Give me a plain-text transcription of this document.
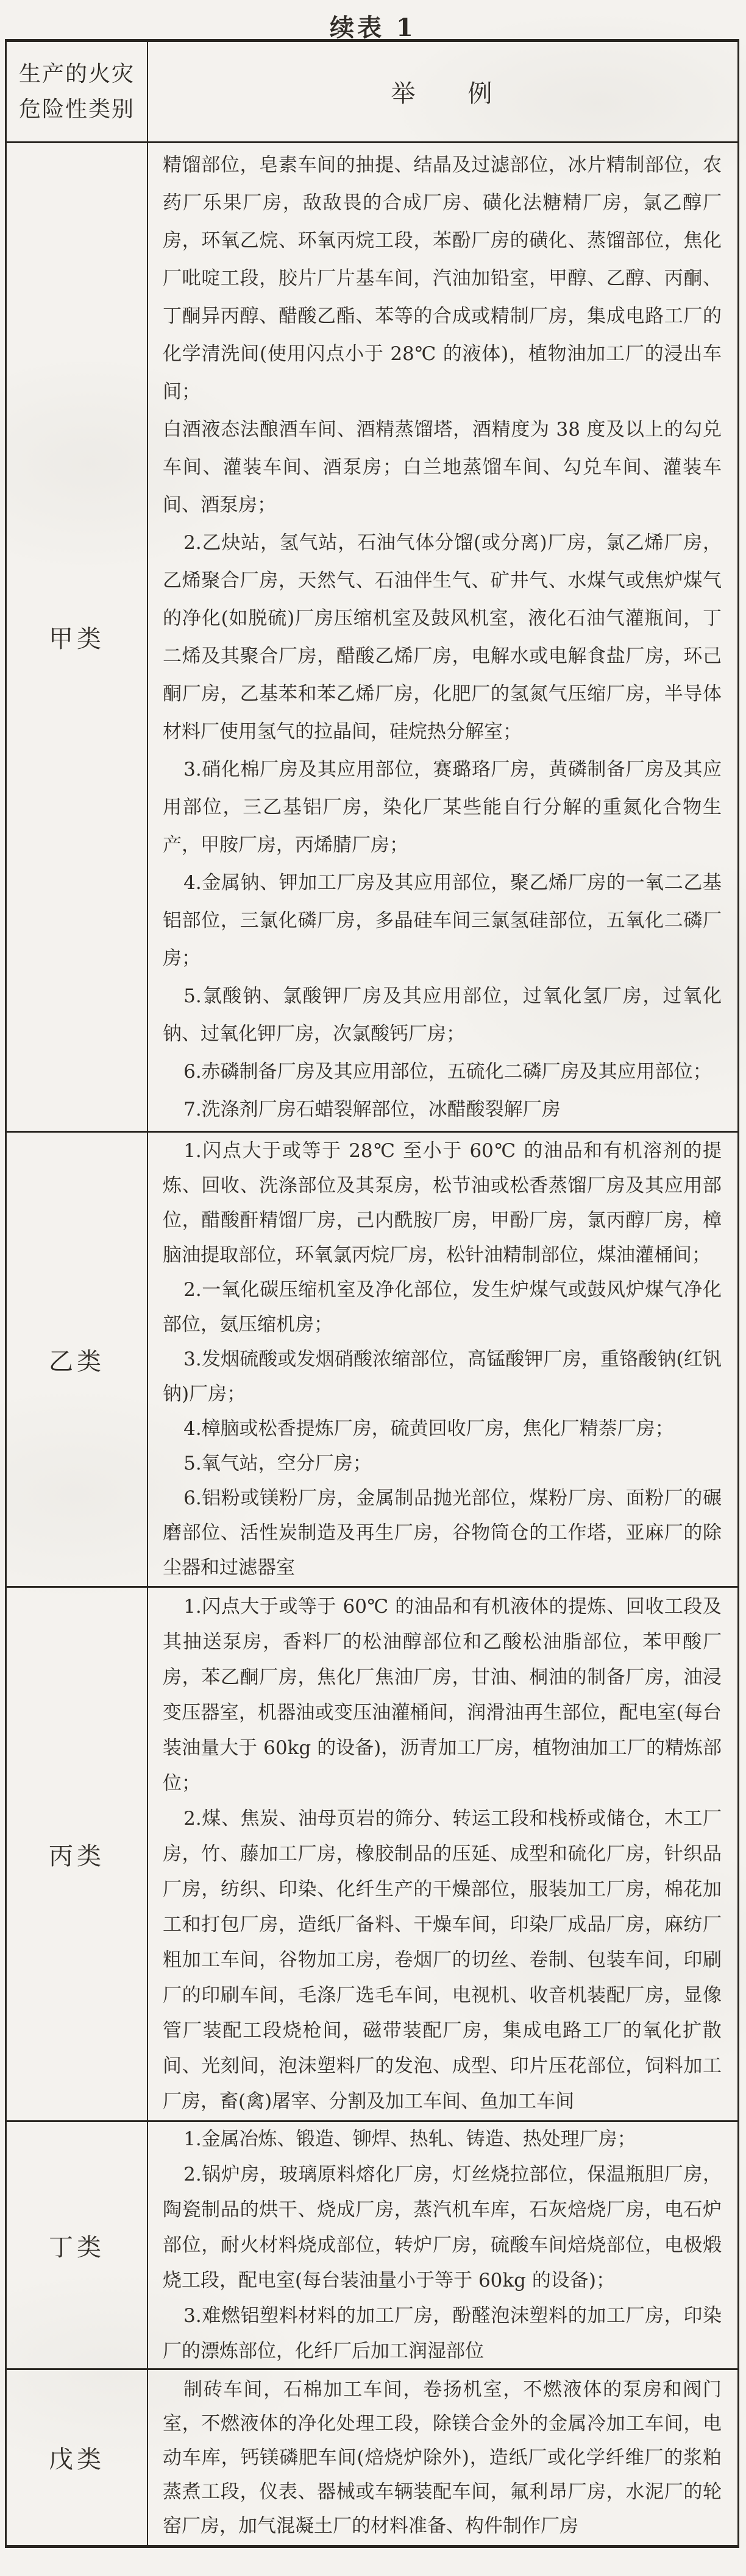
续表 1
生产的火灾
危险性类别
举　　例
甲类

精馏部位，皂素车间的抽提、结晶及过滤部位，冰片精制部位，农药厂乐果厂房，敌敌畏的合成厂房、磺化法糖精厂房，氯乙醇厂房，环氧乙烷、环氧丙烷工段，苯酚厂房的磺化、蒸馏部位，焦化厂吡啶工段，胶片厂片基车间，汽油加铅室，甲醇、乙醇、丙酮、丁酮异丙醇、醋酸乙酯、苯等的合成或精制厂房，集成电路工厂的化学清洗间(使用闪点小于 28℃ 的液体)，植物油加工厂的浸出车间；

白酒液态法酿酒车间、酒精蒸馏塔，酒精度为 38 度及以上的勾兑车间、灌装车间、酒泵房；白兰地蒸馏车间、勾兑车间、灌装车间、酒泵房；

2.乙炔站，氢气站，石油气体分馏(或分离)厂房，氯乙烯厂房，乙烯聚合厂房，天然气、石油伴生气、矿井气、水煤气或焦炉煤气的净化(如脱硫)厂房压缩机室及鼓风机室，液化石油气灌瓶间，丁二烯及其聚合厂房，醋酸乙烯厂房，电解水或电解食盐厂房，环己酮厂房，乙基苯和苯乙烯厂房，化肥厂的氢氮气压缩厂房，半导体材料厂使用氢气的拉晶间，硅烷热分解室；

3.硝化棉厂房及其应用部位，赛璐珞厂房，黄磷制备厂房及其应用部位，三乙基铝厂房，染化厂某些能自行分解的重氮化合物生产，甲胺厂房，丙烯腈厂房；

4.金属钠、钾加工厂房及其应用部位，聚乙烯厂房的一氧二乙基铝部位，三氯化磷厂房，多晶硅车间三氯氢硅部位，五氧化二磷厂房；

5.氯酸钠、氯酸钾厂房及其应用部位，过氧化氢厂房，过氧化钠、过氧化钾厂房，次氯酸钙厂房；

6.赤磷制备厂房及其应用部位，五硫化二磷厂房及其应用部位；

7.洗涤剂厂房石蜡裂解部位，冰醋酸裂解厂房

乙类

1.闪点大于或等于 28℃ 至小于 60℃ 的油品和有机溶剂的提炼、回收、洗涤部位及其泵房，松节油或松香蒸馏厂房及其应用部位，醋酸酐精馏厂房，己内酰胺厂房，甲酚厂房，氯丙醇厂房，樟脑油提取部位，环氧氯丙烷厂房，松针油精制部位，煤油灌桶间；

2.一氧化碳压缩机室及净化部位，发生炉煤气或鼓风炉煤气净化部位，氨压缩机房；

3.发烟硫酸或发烟硝酸浓缩部位，高锰酸钾厂房，重铬酸钠(红钒钠)厂房；

4.樟脑或松香提炼厂房，硫黄回收厂房，焦化厂精萘厂房；

5.氧气站，空分厂房；

6.铝粉或镁粉厂房，金属制品抛光部位，煤粉厂房、面粉厂的碾磨部位、活性炭制造及再生厂房，谷物筒仓的工作塔，亚麻厂的除尘器和过滤器室

丙类

1.闪点大于或等于 60℃ 的油品和有机液体的提炼、回收工段及其抽送泵房，香料厂的松油醇部位和乙酸松油脂部位，苯甲酸厂房，苯乙酮厂房，焦化厂焦油厂房，甘油、桐油的制备厂房，油浸变压器室，机器油或变压油灌桶间，润滑油再生部位，配电室(每台装油量大于 60kg 的设备)，沥青加工厂房，植物油加工厂的精炼部位；

2.煤、焦炭、油母页岩的筛分、转运工段和栈桥或储仓，木工厂房，竹、藤加工厂房，橡胶制品的压延、成型和硫化厂房，针织品厂房，纺织、印染、化纤生产的干燥部位，服装加工厂房，棉花加工和打包厂房，造纸厂备料、干燥车间，印染厂成品厂房，麻纺厂粗加工车间，谷物加工房，卷烟厂的切丝、卷制、包装车间，印刷厂的印刷车间，毛涤厂选毛车间，电视机、收音机装配厂房，显像管厂装配工段烧枪间，磁带装配厂房，集成电路工厂的氧化扩散间、光刻间，泡沫塑料厂的发泡、成型、印片压花部位，饲料加工厂房，畜(禽)屠宰、分割及加工车间、鱼加工车间

丁类

1.金属冶炼、锻造、铆焊、热轧、铸造、热处理厂房；

2.锅炉房，玻璃原料熔化厂房，灯丝烧拉部位，保温瓶胆厂房，陶瓷制品的烘干、烧成厂房，蒸汽机车库，石灰焙烧厂房，电石炉部位，耐火材料烧成部位，转炉厂房，硫酸车间焙烧部位，电极煅烧工段，配电室(每台装油量小于等于 60kg 的设备)；

3.难燃铝塑料材料的加工厂房，酚醛泡沫塑料的加工厂房，印染厂的漂炼部位，化纤厂后加工润湿部位

戊类

制砖车间，石棉加工车间，卷扬机室，不燃液体的泵房和阀门室，不燃液体的净化处理工段，除镁合金外的金属冷加工车间，电动车库，钙镁磷肥车间(焙烧炉除外)，造纸厂或化学纤维厂的浆粕蒸煮工段，仪表、器械或车辆装配车间，氟利昂厂房，水泥厂的轮窑厂房，加气混凝土厂的材料准备、构件制作厂房
